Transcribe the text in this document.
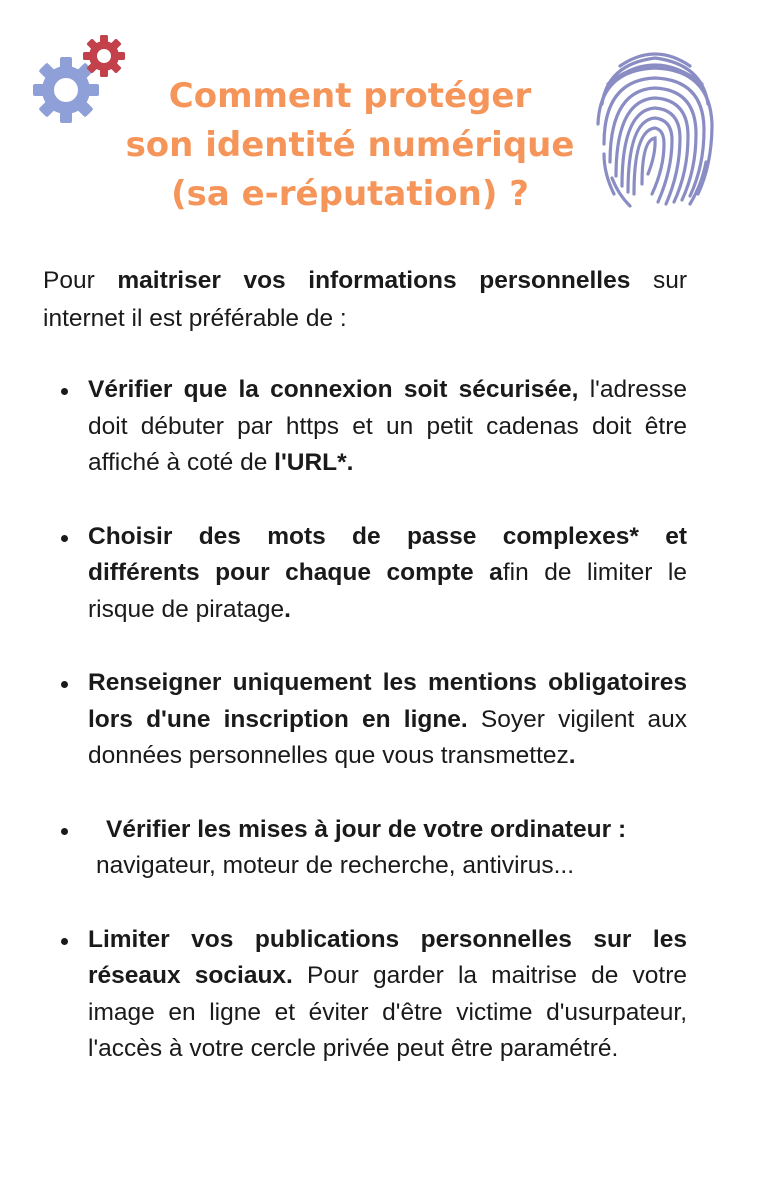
Comment protéger
son identité numérique
(sa e-réputation) ?

Pour maitriser vos informations personnelles sur internet il est préférable de :

Vérifier que la connexion soit sécurisée, l'adresse doit débuter par https et un petit cadenas doit être affiché à coté de l'URL*.

Choisir des mots de passe complexes* et différents pour chaque compte afin de limiter le risque de piratage.

Renseigner uniquement les mentions obligatoires lors d'une inscription en ligne. Soyer vigilent aux données personnelles que vous transmettez.

Vérifier les mises à jour de votre ordinateur :

navigateur, moteur de recherche, antivirus...

Limiter vos publications personnelles sur les réseaux sociaux. Pour garder la maitrise de votre image en ligne et éviter d'être victime d'usurpateur, l'accès à votre cercle privée peut être paramétré.
